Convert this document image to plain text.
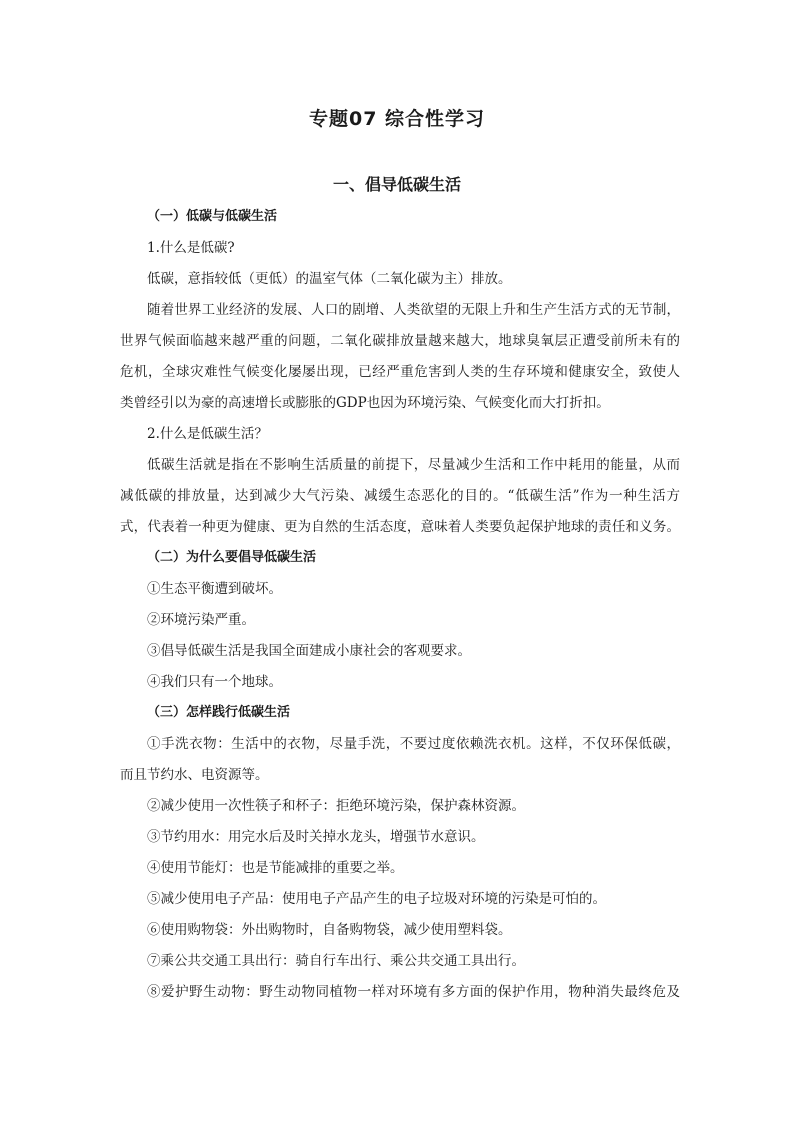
专题07 综合性学习
一、倡导低碳生活
（一）低碳与低碳生活
1.什么是低碳?
低碳，意指较低（更低）的温室气体（二氧化碳为主）排放。
随着世界工业经济的发展、人口的剧增、人类欲望的无限上升和生产生活方式的无节制，
世界气候面临越来越严重的问题，二氧化碳排放量越来越大，地球臭氧层正遭受前所未有的
危机，全球灾难性气候变化屡屡出现，已经严重危害到人类的生存环境和健康安全，致使人
类曾经引以为豪的高速增长或膨胀的GDP也因为环境污染、气候变化而大打折扣。
2.什么是低碳生活？
低碳生活就是指在不影响生活质量的前提下，尽量减少生活和工作中耗用的能量，从而
减低碳的排放量，达到减少大气污染、减缓生态恶化的目的。“低碳生活”作为一种生活方
式，代表着一种更为健康、更为自然的生活态度，意味着人类要负起保护地球的责任和义务。
（二）为什么要倡导低碳生活
①生态平衡遭到破坏。
②环境污染严重。
③倡导低碳生活是我国全面建成小康社会的客观要求。
④我们只有一个地球。
（三）怎样践行低碳生活
①手洗衣物：生活中的衣物，尽量手洗，不要过度依赖洗衣机。这样，不仅环保低碳，
而且节约水、电资源等。
②减少使用一次性筷子和杯子：拒绝环境污染，保护森林资源。
③节约用水：用完水后及时关掉水龙头，增强节水意识。
④使用节能灯：也是节能减排的重要之举。
⑤减少使用电子产品：使用电子产品产生的电子垃圾对环境的污染是可怕的。
⑥使用购物袋：外出购物时，自备购物袋，减少使用塑料袋。
⑦乘公共交通工具出行：骑自行车出行、乘公共交通工具出行。
⑧爱护野生动物：野生动物同植物一样对环境有多方面的保护作用，物种消失最终危及
